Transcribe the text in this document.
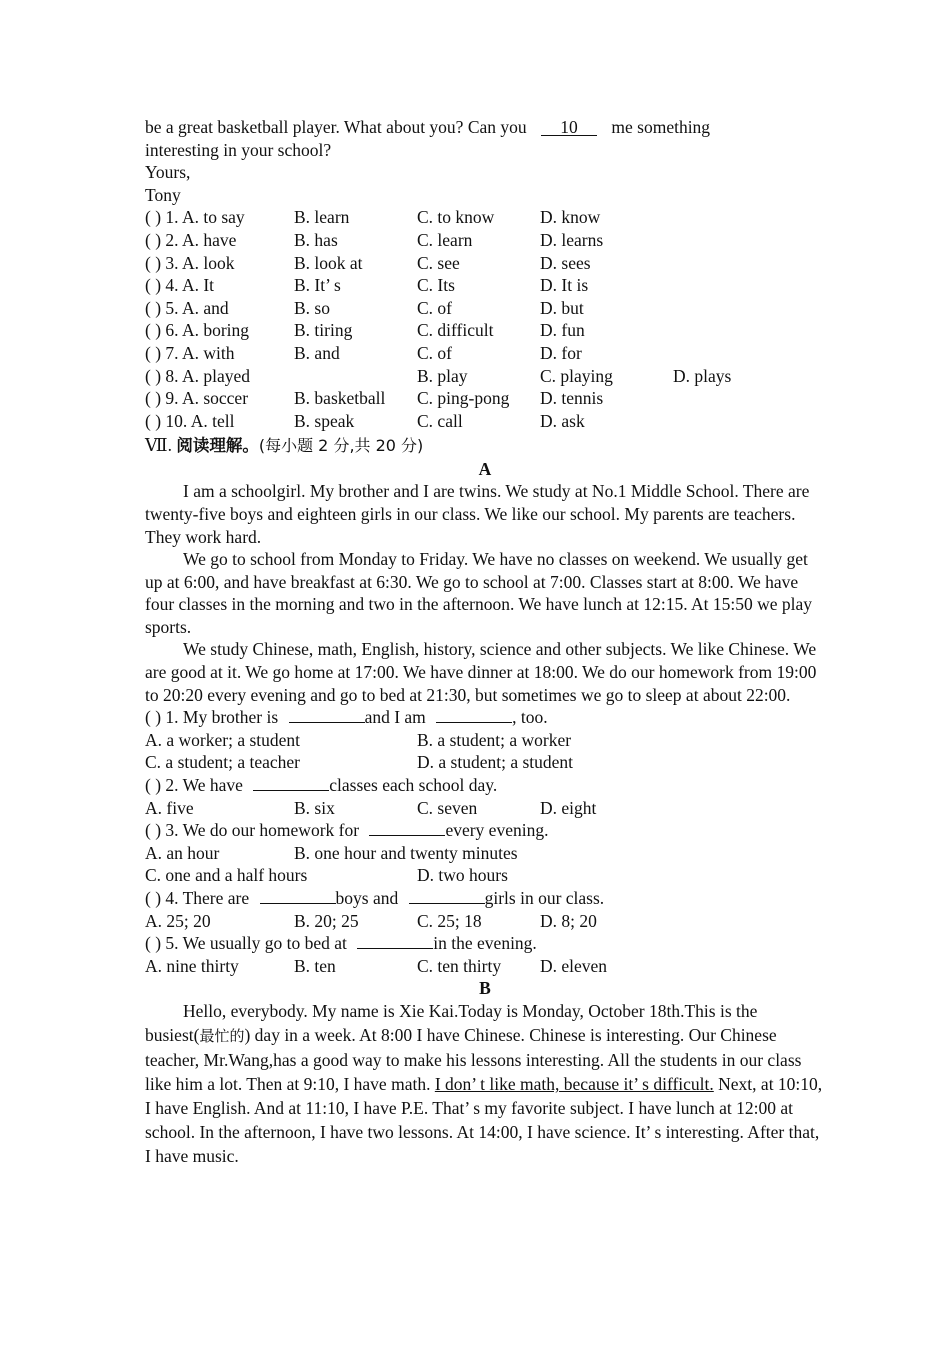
be a great basketball player. What about you? Can you 10 me something
interesting in your school?
Yours,
Tony
( ) 1. A. to say	B. learn	C. to know	D. know
( ) 2. A. have	B. has	C. learn	D. learns
( ) 3. A. look	B. look at	C. see	D. sees
( ) 4. A. It	B. It’ s	C. Its	D. It is
( ) 5. A. and	B. so	C. of	D. but
( ) 6. A. boring	B. tiring	C. difficult	D. fun
( ) 7. A. with	B. and	C. of	D. for
( ) 8. A. played	B. play	C. playing	D. plays
( ) 9. A. soccer	B. basketball C. ping-pong D. tennis
( ) 10. A. tell	B. speak	C. call	D. ask
Ⅶ. 阅读理解。(每小题 2 分,共 20 分)
A

I am a schoolgirl. My brother and I are twins. We study at No.1 Middle School. There are twenty-five boys and eighteen girls in our class. We like our school. My parents are teachers. They work hard.

We go to school from Monday to Friday. We have no classes on weekend. We usually get up at 6:00, and have breakfast at 6:30. We go to school at 7:00. Classes start at 8:00. We have four classes in the morning and two in the afternoon. We have lunch at 12:15. At 15:50 we play sports.

We study Chinese, math, English, history, science and other subjects. We like Chinese. We are good at it. We go home at 17:00. We have dinner at 18:00. We do our homework from 19:00 to 20:20 every evening and go to bed at 21:30, but sometimes we go to sleep at about 22:00.

( ) 1. My brother is	and I am	, too.
A. a worker; a student	B. a student; a worker
C. a student; a teacher	D. a student; a student
( ) 2. We have	classes each school day.
A. five	B. six	C. seven	D. eight
( ) 3. We do our homework for	every evening.
A. an hour	B. one hour and twenty minutes
C. one and a half hours	D. two hours
( ) 4. There are	boys and	girls in our class.
A. 25; 20	B. 20; 25	C. 25; 18	D. 8; 20
( ) 5. We usually go to bed at	in the evening.
A. nine thirty	B. ten	C. ten thirty D. eleven
B

Hello, everybody. My name is Xie Kai.Today is Monday, October 18th.This is the busiest(最忙的) day in a week. At 8:00 I have Chinese. Chinese is interesting. Our Chinese teacher, Mr.Wang,has a good way to make his lessons interesting. All the students in our class like him a lot. Then at 9:10, I have math. I don’ t like math, because it’ s difficult. Next, at 10:10, I have English. And at 11:10, I have P.E. That’ s my favorite subject. I have lunch at 12:00 at school. In the afternoon, I have two lessons. At 14:00, I have science. It’ s interesting. After that, I have music.
